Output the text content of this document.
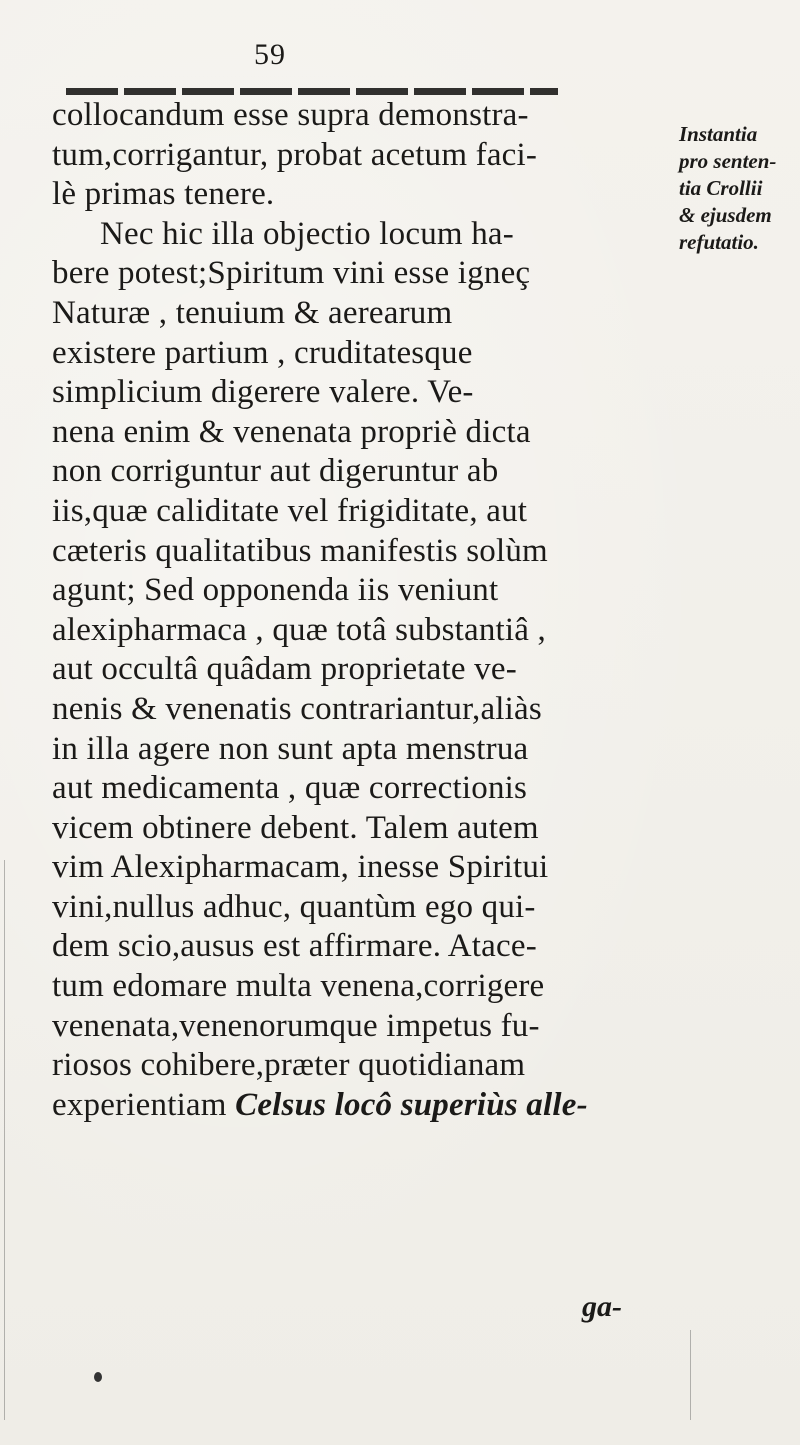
59
collocandum esse supra demonstra-
tum,corrigantur, probat acetum faci-
lè primas tenere.
Nec hic illa objectio locum ha-
bere potest;Spiritum vini esse igneç
Naturæ , tenuium & aerearum
existere partium , cruditatesque
simplicium digerere valere. Ve-
nena enim & venenata propriè dicta
non corriguntur aut digeruntur ab
iis,quæ caliditate vel frigiditate, aut
cæteris qualitatibus manifestis solùm
agunt; Sed opponenda iis veniunt
alexipharmaca , quæ totâ substantiâ ,
aut occultâ quâdam proprietate ve-
nenis & venenatis contrariantur,aliàs
in illa agere non sunt apta menstrua
aut medicamenta , quæ correctionis
vicem obtinere debent. Talem autem
vim Alexipharmacam, inesse Spiritui
vini,nullus adhuc, quantùm ego qui-
dem scio,ausus est affirmare. Atace-
tum edomare multa venena,corrigere
venenata,venenorumque impetus fu-
riosos cohibere,præter quotidianam
experientiam Celsus locô superiùs alle-
ga-
Instantia
pro senten-
tia Crollii
& ejusdem
refutatio.
